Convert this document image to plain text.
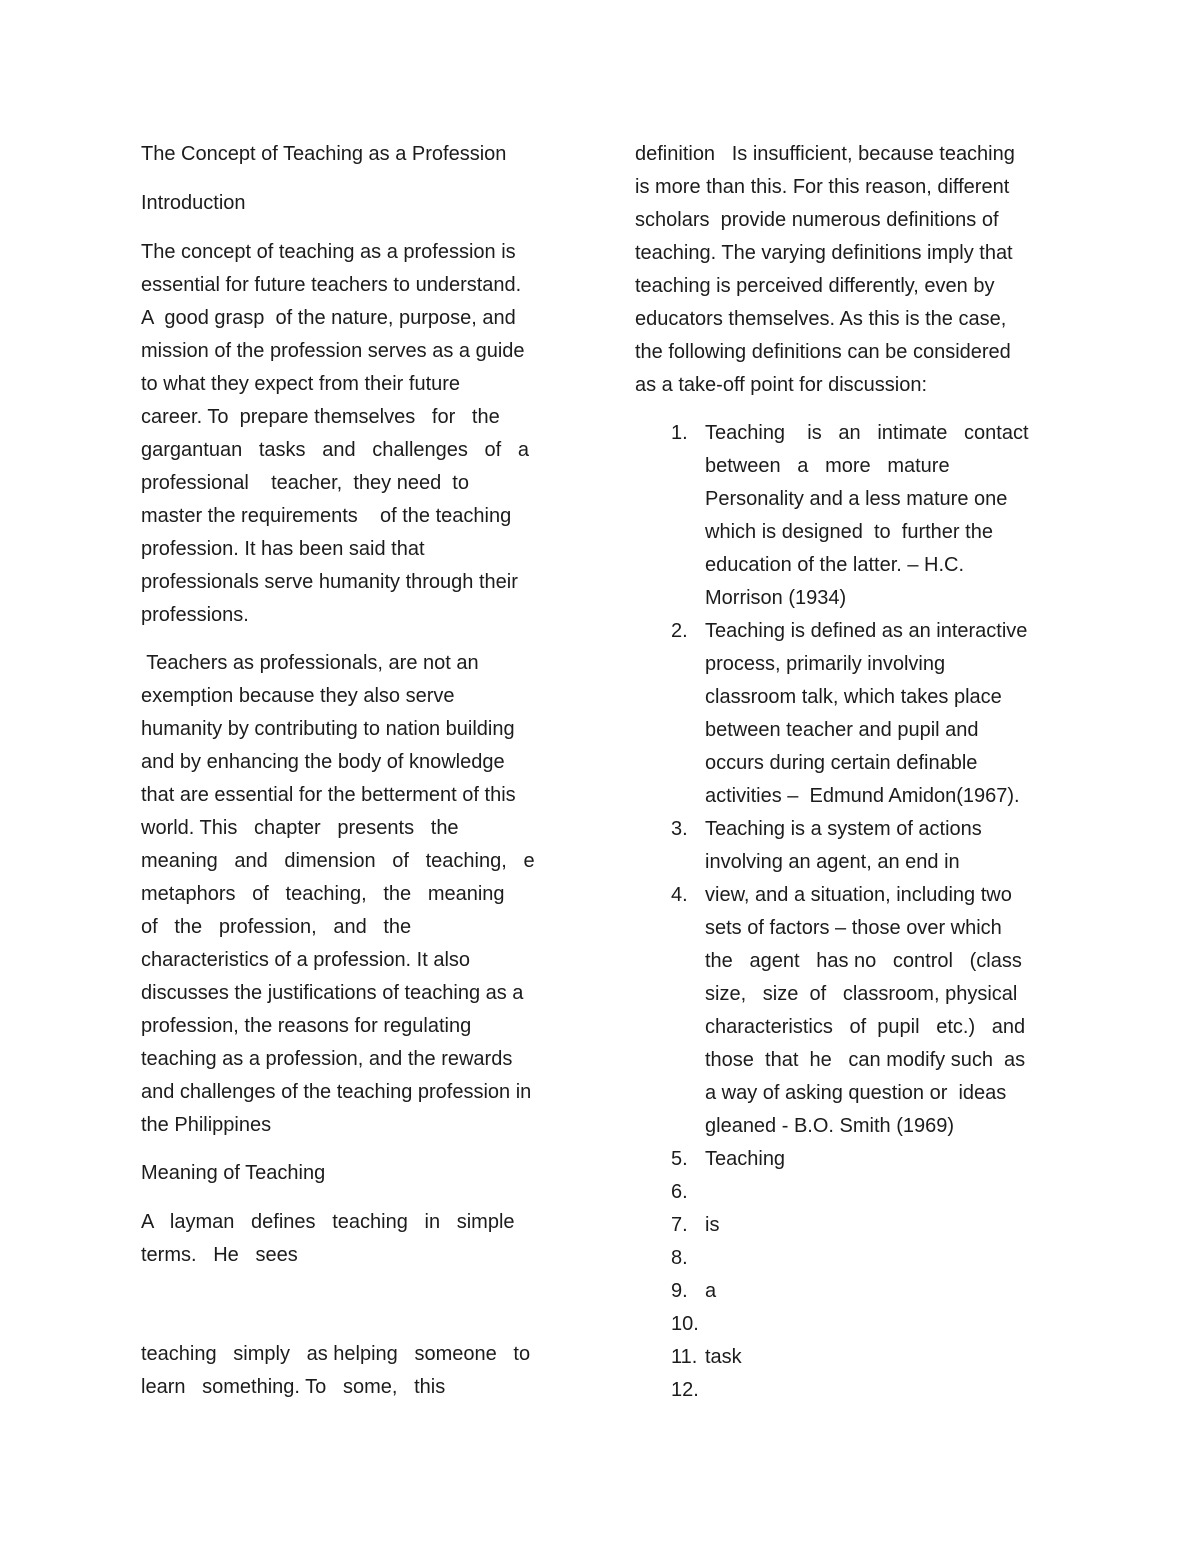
The Concept of Teaching as a Profession

Introduction

The concept of teaching as a profession is
essential for future teachers to understand.
A  good grasp  of the nature, purpose, and
mission of the profession serves as a guide
to what they expect from their future
career. To  prepare themselves   for   the
gargantuan   tasks   and   challenges   of   a
professional    teacher,  they need  to
master the requirements    of the teaching
profession. It has been said that
professionals serve humanity through their
professions.
Teachers as professionals, are not an
exemption because they also serve
humanity by contributing to nation building
and by enhancing the body of knowledge
that are essential for the betterment of this
world. This   chapter   presents   the
meaning   and   dimension   of   teaching,   e
metaphors   of   teaching,   the   meaning
of   the   profession,   and   the
characteristics of a profession. It also
discusses the justifications of teaching as a
profession, the reasons for regulating
teaching as a profession, and the rewards
and challenges of the teaching profession in
the Philippines

Meaning of Teaching

A   layman   defines   teaching   in   simple
terms.   He   sees
teaching   simply   as helping   someone   to
learn   something. To   some,   this
definition   Is insufficient, because teaching
is more than this. For this reason, different
scholars  provide numerous definitions of
teaching. The varying definitions imply that
teaching is perceived differently, even by
educators themselves. As this is the case,
the following definitions can be considered
as a take-off point for discussion:
1. Teaching    is   an   intimate   contact
between   a   more   mature
Personality and a less mature one
which is designed  to  further the
education of the latter. – H.C.
Morrison (1934)
2. Teaching is defined as an interactive
process, primarily involving
classroom talk, which takes place
between teacher and pupil and
occurs during certain definable
activities –  Edmund Amidon(1967).
3. Teaching is a system of actions
involving an agent, an end in
4. view, and a situation, including two
sets of factors – those over which
the   agent   has no   control   (class
size,   size  of   classroom, physical
characteristics   of  pupil   etc.)   and
those  that  he   can modify such  as
a way of asking question or  ideas
gleaned - B.O. Smith (1969)
5. Teaching
6.
7. is
8.
9. a
10.
11. task
12.
